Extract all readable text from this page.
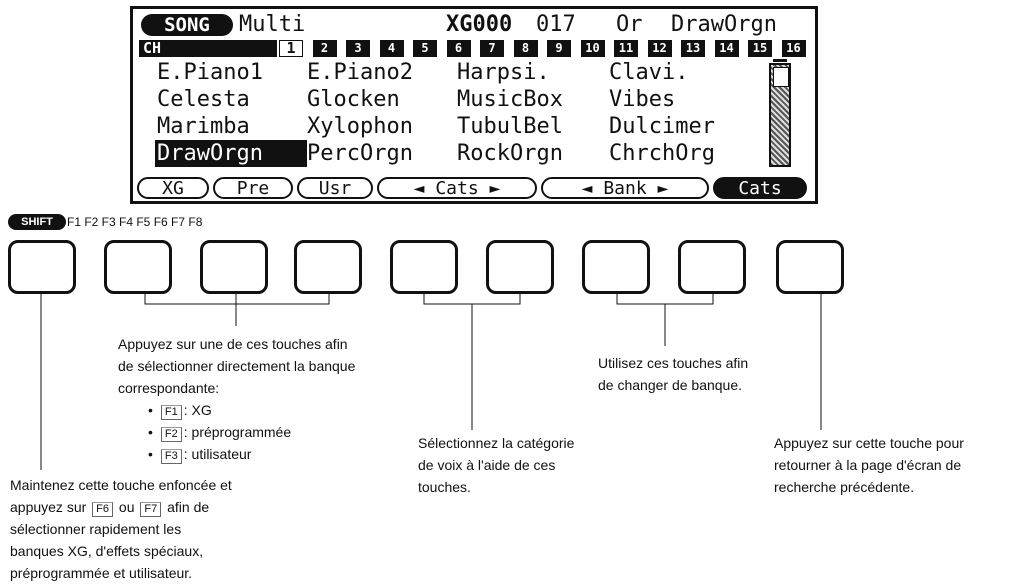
SONG	Multi	XG000 017 Or DrawOrgn
CH	1	2	3	4	5	6	7	8	9	10	11	12	13	14	15	16
E.Piano1	E.Piano2	Harpsi.	Clavi.
Celesta	Glocken	MusicBox	Vibes
Marimba	Xylophon	TubulBel	Dulcimer
DrawOrgn	PercOrgn	RockOrgn	ChrchOrg
XG	Pre	Usr	◄ Cats ►	◄ Bank ►	Cats
SHIFT	F1 F2 F3 F4 F5 F6 F7 F8
Appuyez sur une de ces touches afin
de sélectionner directement la banque
correspondante:
• F1 : XG
• F2 : préprogrammée
• F3 : utilisateur
Maintenez cette touche enfoncée et
appuyez sur F6 ou F7 afin de
sélectionner rapidement les
banques XG, d'effets spéciaux,
préprogrammée et utilisateur.
Sélectionnez la catégorie
de voix à l'aide de ces
touches.
Utilisez ces touches afin
de changer de banque.
Appuyez sur cette touche pour
retourner à la page d'écran de
recherche précédente.
